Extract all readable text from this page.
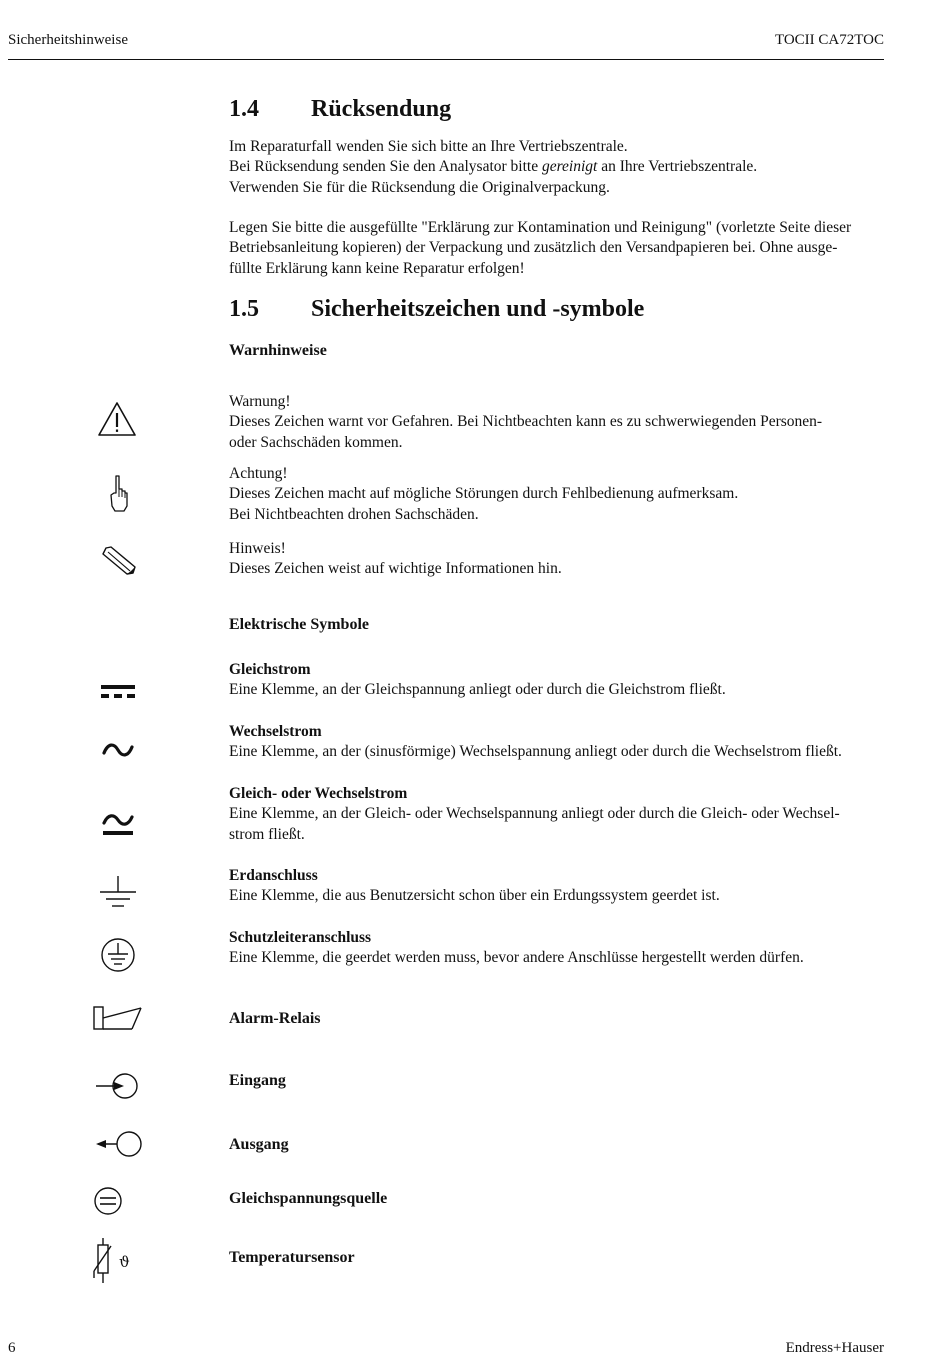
Sicherheitshinweise	TOCII CA72TOC
1.4 Rücksendung
Im Reparaturfall wenden Sie sich bitte an Ihre Vertriebszentrale.
Bei Rücksendung senden Sie den Analysator bitte gereinigt an Ihre Vertriebszentrale.
Verwenden Sie für die Rücksendung die Originalverpackung.
Legen Sie bitte die ausgefüllte "Erklärung zur Kontamination und Reinigung" (vorletzte Seite dieser
Betriebsanleitung kopieren) der Verpackung und zusätzlich den Versandpapieren bei. Ohne ausge-
füllte Erklärung kann keine Reparatur erfolgen!
1.5 Sicherheitszeichen und -symbole
Warnhinweise
Warnung!
Dieses Zeichen warnt vor Gefahren. Bei Nichtbeachten kann es zu schwerwiegenden Personen-
oder Sachschäden kommen.
Achtung!
Dieses Zeichen macht auf mögliche Störungen durch Fehlbedienung aufmerksam.
Bei Nichtbeachten drohen Sachschäden.
Hinweis!
Dieses Zeichen weist auf wichtige Informationen hin.
Elektrische Symbole
Gleichstrom
Eine Klemme, an der Gleichspannung anliegt oder durch die Gleichstrom fließt.
Wechselstrom
Eine Klemme, an der (sinusförmige) Wechselspannung anliegt oder durch die Wechselstrom fließt.
Gleich- oder Wechselstrom
Eine Klemme, an der Gleich- oder Wechselspannung anliegt oder durch die Gleich- oder Wechsel-
strom fließt.
Erdanschluss
Eine Klemme, die aus Benutzersicht schon über ein Erdungssystem geerdet ist.
Schutzleiteranschluss
Eine Klemme, die geerdet werden muss, bevor andere Anschlüsse hergestellt werden dürfen.
Alarm-Relais
Eingang
Ausgang
Gleichspannungsquelle
ϑ	Temperatursensor
6	Endress+Hauser
